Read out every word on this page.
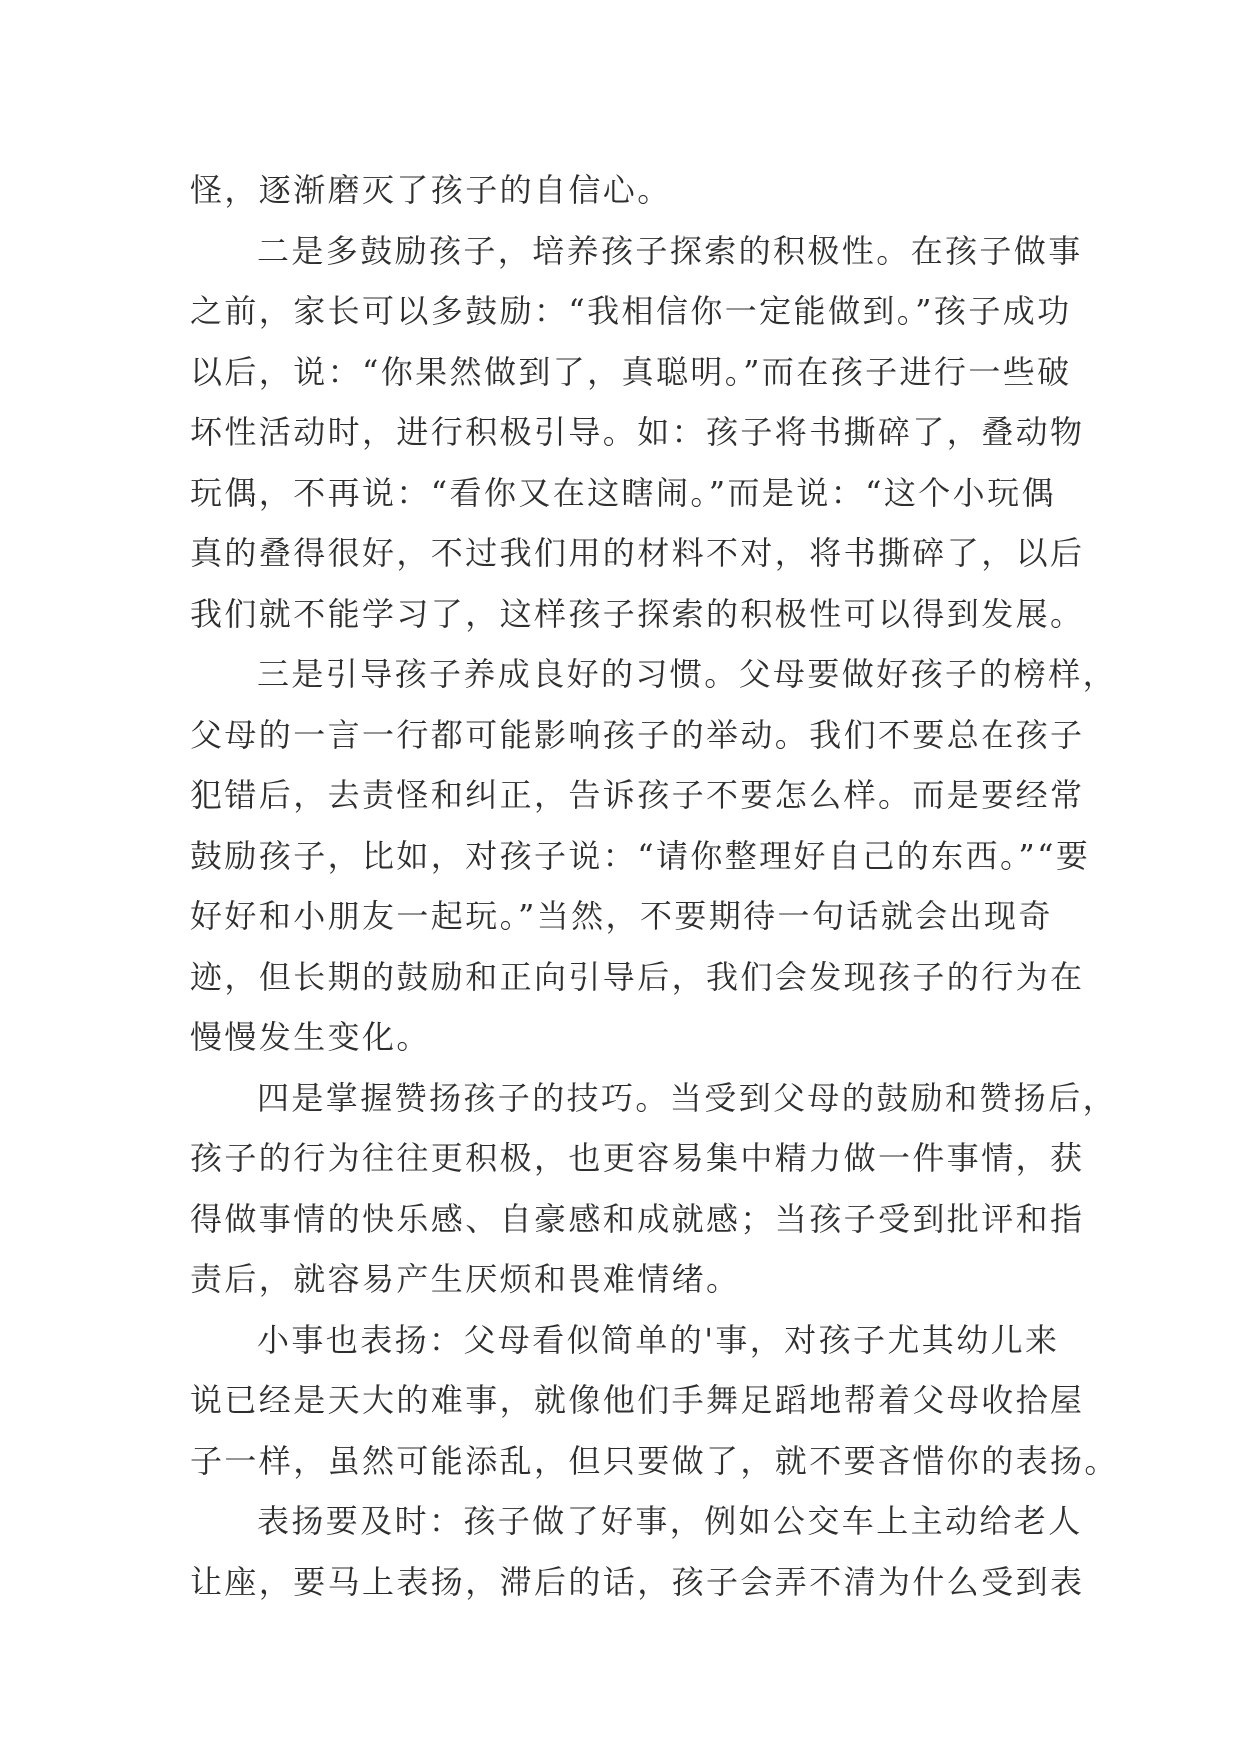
怪，逐渐磨灭了孩子的自信心。
二是多鼓励孩子，培养孩子探索的积极性。在孩子做事
之前，家长可以多鼓励：“我相信你一定能做到。”孩子成功
以后，说：“你果然做到了，真聪明。”而在孩子进行一些破
坏性活动时，进行积极引导。如：孩子将书撕碎了，叠动物
玩偶，不再说：“看你又在这瞎闹。”而是说：“这个小玩偶
真的叠得很好，不过我们用的材料不对，将书撕碎了，以后
我们就不能学习了，这样孩子探索的积极性可以得到发展。
三是引导孩子养成良好的习惯。父母要做好孩子的榜样，
父母的一言一行都可能影响孩子的举动。我们不要总在孩子
犯错后，去责怪和纠正，告诉孩子不要怎么样。而是要经常
鼓励孩子，比如，对孩子说：“请你整理好自己的东西。”“要
好好和小朋友一起玩。”当然，不要期待一句话就会出现奇
迹，但长期的鼓励和正向引导后，我们会发现孩子的行为在
慢慢发生变化。
四是掌握赞扬孩子的技巧。当受到父母的鼓励和赞扬后，
孩子的行为往往更积极，也更容易集中精力做一件事情，获
得做事情的快乐感、自豪感和成就感；当孩子受到批评和指
责后，就容易产生厌烦和畏难情绪。
小事也表扬：父母看似简单的'事，对孩子尤其幼儿来
说已经是天大的难事，就像他们手舞足蹈地帮着父母收拾屋
子一样，虽然可能添乱，但只要做了，就不要吝惜你的表扬。
表扬要及时：孩子做了好事，例如公交车上主动给老人
让座，要马上表扬，滞后的话，孩子会弄不清为什么受到表
